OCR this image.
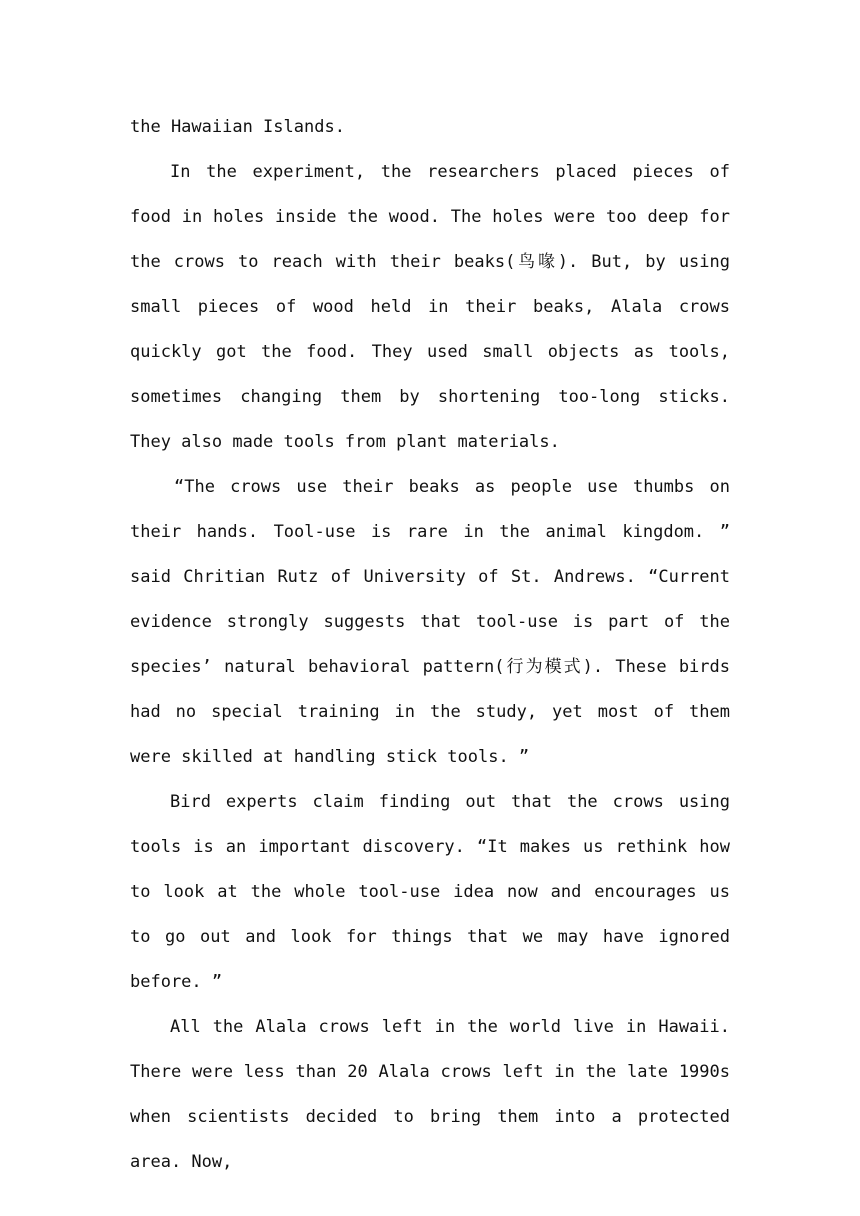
the Hawaiian Islands.

In the experiment, the researchers placed pieces of food in holes inside the wood. The holes were too deep for the crows to reach with their beaks(鸟喙). But, by using small pieces of wood held in their beaks, Alala crows quickly got the food. They used small objects as tools, sometimes changing them by shortening too-long sticks. They also made tools from plant materials.

“The crows use their beaks as people use thumbs on their hands. Tool-use is rare in the animal kingdom. ” said Chritian Rutz of University of St. Andrews. “Current evidence strongly suggests that tool-use is part of the species’ natural behavioral pattern(行为模式). These birds had no special training in the study, yet most of them were skilled at handling stick tools. ”

Bird experts claim finding out that the crows using tools is an important discovery. “It makes us rethink how to look at the whole tool-use idea now and encourages us to go out and look for things that we may have ignored before. ”

All the Alala crows left in the world live in Hawaii. There were less than 20 Alala crows left in the late 1990s when scientists decided to bring them into a protected area. Now,
